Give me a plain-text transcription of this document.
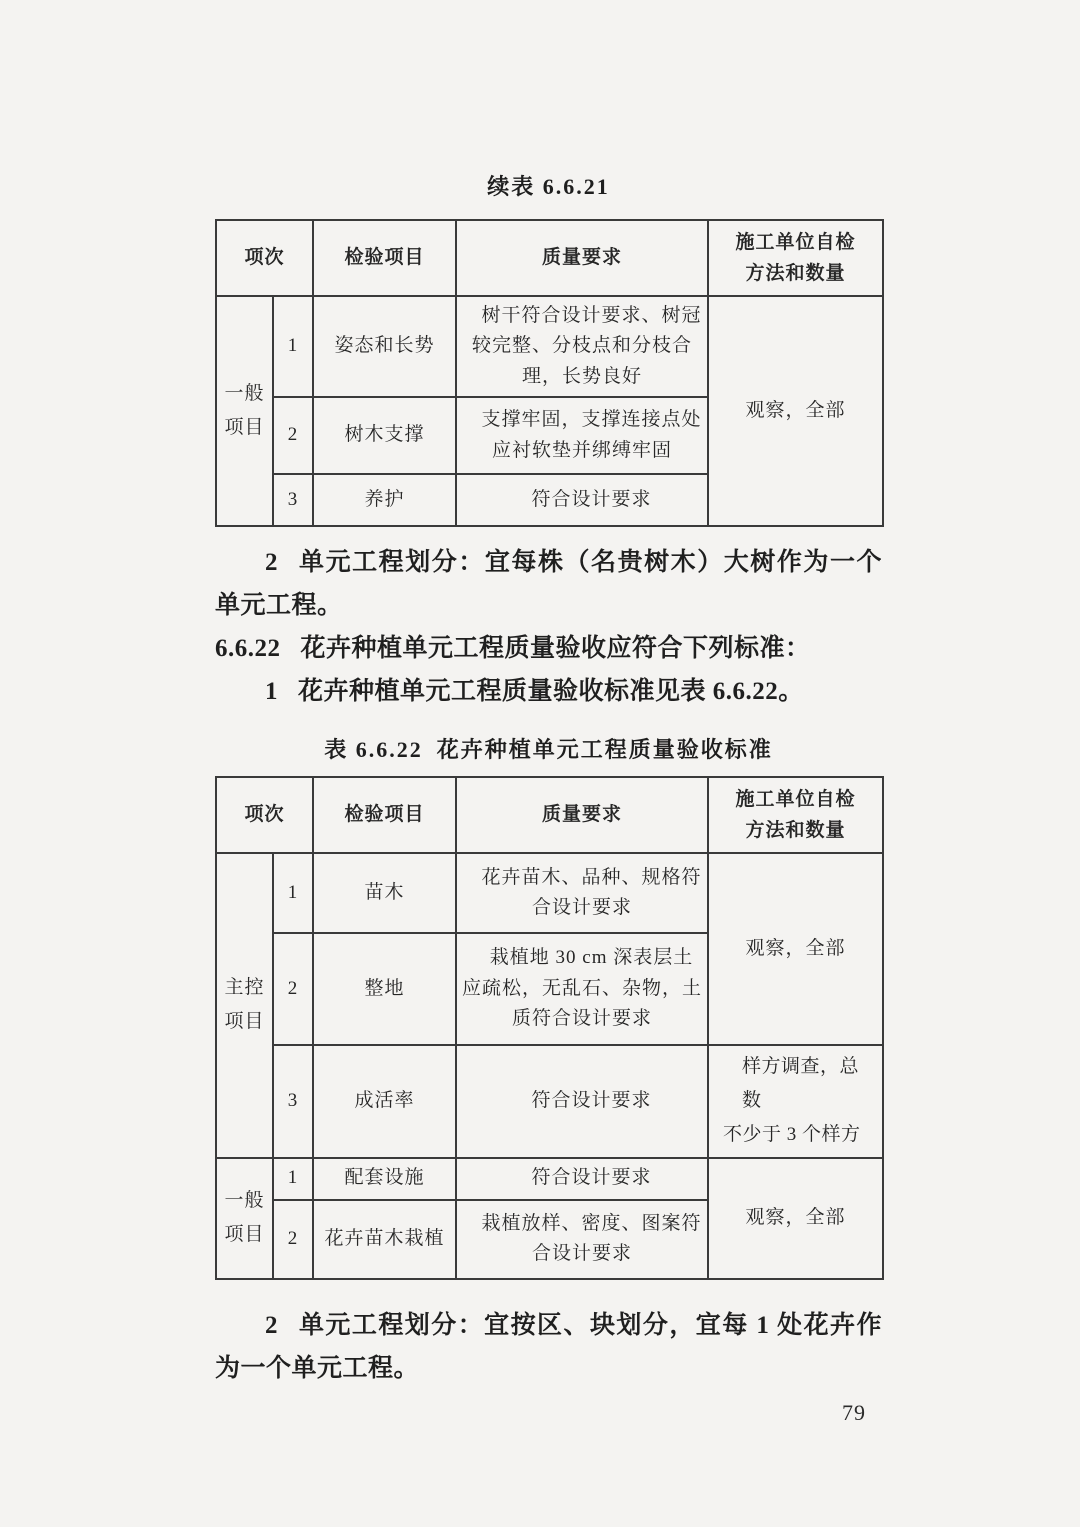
续表 6.6.21

项次		检验项目	质量要求	施工单位自检
方法和数量

一般项目	1	姿态和长势	树干符合设计要求、树冠较完整、分枝点和分枝合理，长势良好	观察，全部
	2	树木支撑	支撑牢固，支撑连接点处应衬软垫并绑缚牢固	
	3	养护	符合设计要求	

2 单元工程划分：宜每株（名贵树木）大树作为一个单元工程。

6.6.22 花卉种植单元工程质量验收应符合下列标准：

1 花卉种植单元工程质量验收标准见表 6.6.22。

表 6.6.22 花卉种植单元工程质量验收标准

项次		检验项目	质量要求	施工单位自检
方法和数量

主控项目	1	苗木	花卉苗木、品种、规格符合设计要求	观察，全部
	2	整地	栽植地 30 cm 深表层土应疏松，无乱石、杂物，土质符合设计要求	
	3	成活率	符合设计要求	样方调查，总数
不少于 3 个样方

一般项目	1	配套设施	符合设计要求	观察，全部
	2	花卉苗木栽植	栽植放样、密度、图案符合设计要求	

2 单元工程划分：宜按区、块划分，宜每 1 处花卉作为一个单元工程。

79
